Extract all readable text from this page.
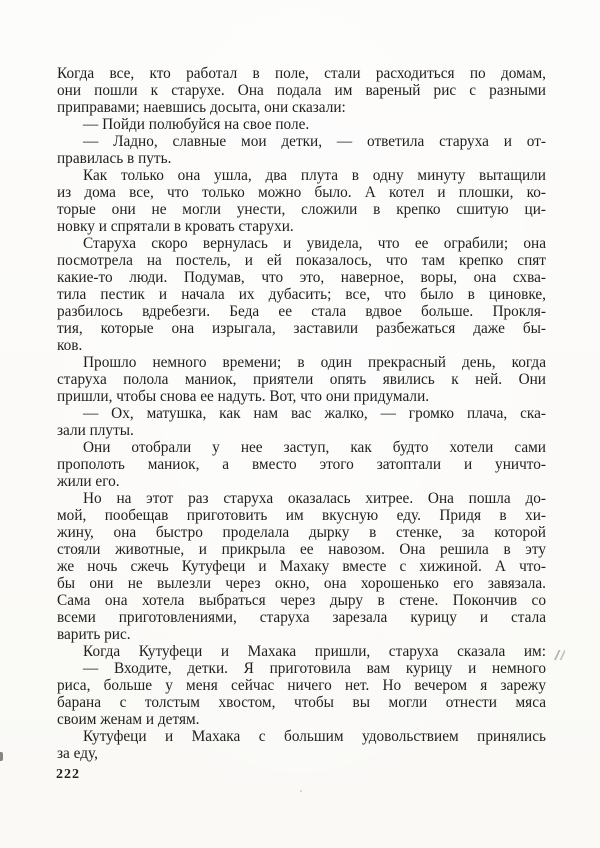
Когда все, кто работал в поле, стали расходиться по домам,
они пошли к старухе. Она подала им вареный рис с разными
приправами; наевшись досыта, они сказали:
— Пойди полюбуйся на свое поле.
— Ладно, славные мои детки, — ответила старуха и от-
правилась в путь.
Как только она ушла, два плута в одну минуту вытащили
из дома все, что только можно было. А котел и плошки, ко-
торые они не могли унести, сложили в крепко сшитую ци-
новку и спрятали в кровать старухи.
Старуха скоро вернулась и увидела, что ее ограбили; она
посмотрела на постель, и ей показалось, что там крепко спят
какие-то люди. Подумав, что это, наверное, воры, она схва-
тила пестик и начала их дубасить; все, что было в циновке,
разбилось вдребезги. Беда ее стала вдвое больше. Прокля-
тия, которые она изрыгала, заставили разбежаться даже бы-
ков.
Прошло немного времени; в один прекрасный день, когда
старуха полола маниок, приятели опять явились к ней. Они
пришли, чтобы снова ее надуть. Вот, что они придумали.
— Ох, матушка, как нам вас жалко, — громко плача, ска-
зали плуты.
Они отобрали у нее заступ, как будто хотели сами
прополоть маниок, а вместо этого затоптали и уничто-
жили его.
Но на этот раз старуха оказалась хитрее. Она пошла до-
мой, пообещав приготовить им вкусную еду. Придя в хи-
жину, она быстро проделала дырку в стенке, за которой
стояли животные, и прикрыла ее навозом. Она решила в эту
же ночь сжечь Кутуфеци и Махаку вместе с хижиной. А что-
бы они не вылезли через окно, она хорошенько его завязала.
Сама она хотела выбраться через дыру в стене. Покончив со
всеми приготовлениями, старуха зарезала курицу и стала
варить рис.
Когда Кутуфеци и Махака пришли, старуха сказала им:
— Входите, детки. Я приготовила вам курицу и немного
риса, больше у меня сейчас ничего нет. Но вечером я зарежу
барана с толстым хвостом, чтобы вы могли отнести мяса
своим женам и детям.
Кутуфеци и Махака с большим удовольствием принялись
за еду,
222
